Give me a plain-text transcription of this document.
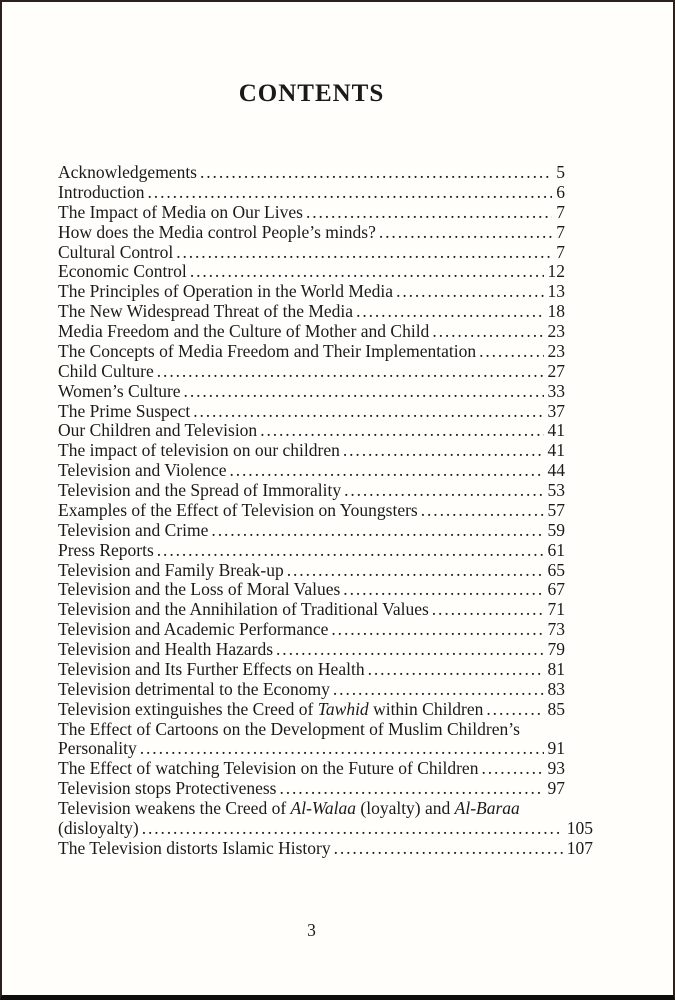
CONTENTS
Acknowledgements .....	5
Introduction .....	6
The Impact of Media on Our Lives .....	7
How does the Media control People’s minds? .....	7
Cultural Control .....	7
Economic Control .....	12
The Principles of Operation in the World Media .....	13
The New Widespread Threat of the Media .....	18
Media Freedom and the Culture of Mother and Child .....	23
The Concepts of Media Freedom and Their Implementation .....	23
Child Culture .....	27
Women’s Culture .....	33
The Prime Suspect .....	37
Our Children and Television .....	41
The impact of television on our children .....	41
Television and Violence .....	44
Television and the Spread of Immorality .....	53
Examples of the Effect of Television on Youngsters .....	57
Television and Crime .....	59
Press Reports .....	61
Television and Family Break-up .....	65
Television and the Loss of Moral Values .....	67
Television and the Annihilation of Traditional Values .....	71
Television and Academic Performance .....	73
Television and Health Hazards .....	79
Television and Its Further Effects on Health .....	81
Television detrimental to the Economy .....	83
Television extinguishes the Creed of Tawhid within Children .....	85
The Effect of Cartoons on the Development of Muslim Children’s
Personality .....	91
The Effect of watching Television on the Future of Children .....	93
Television stops Protectiveness .....	97
Television weakens the Creed of Al-Walaa (loyalty) and Al-Baraa
(disloyalty) .....	105
The Television distorts Islamic History .....	107
3
